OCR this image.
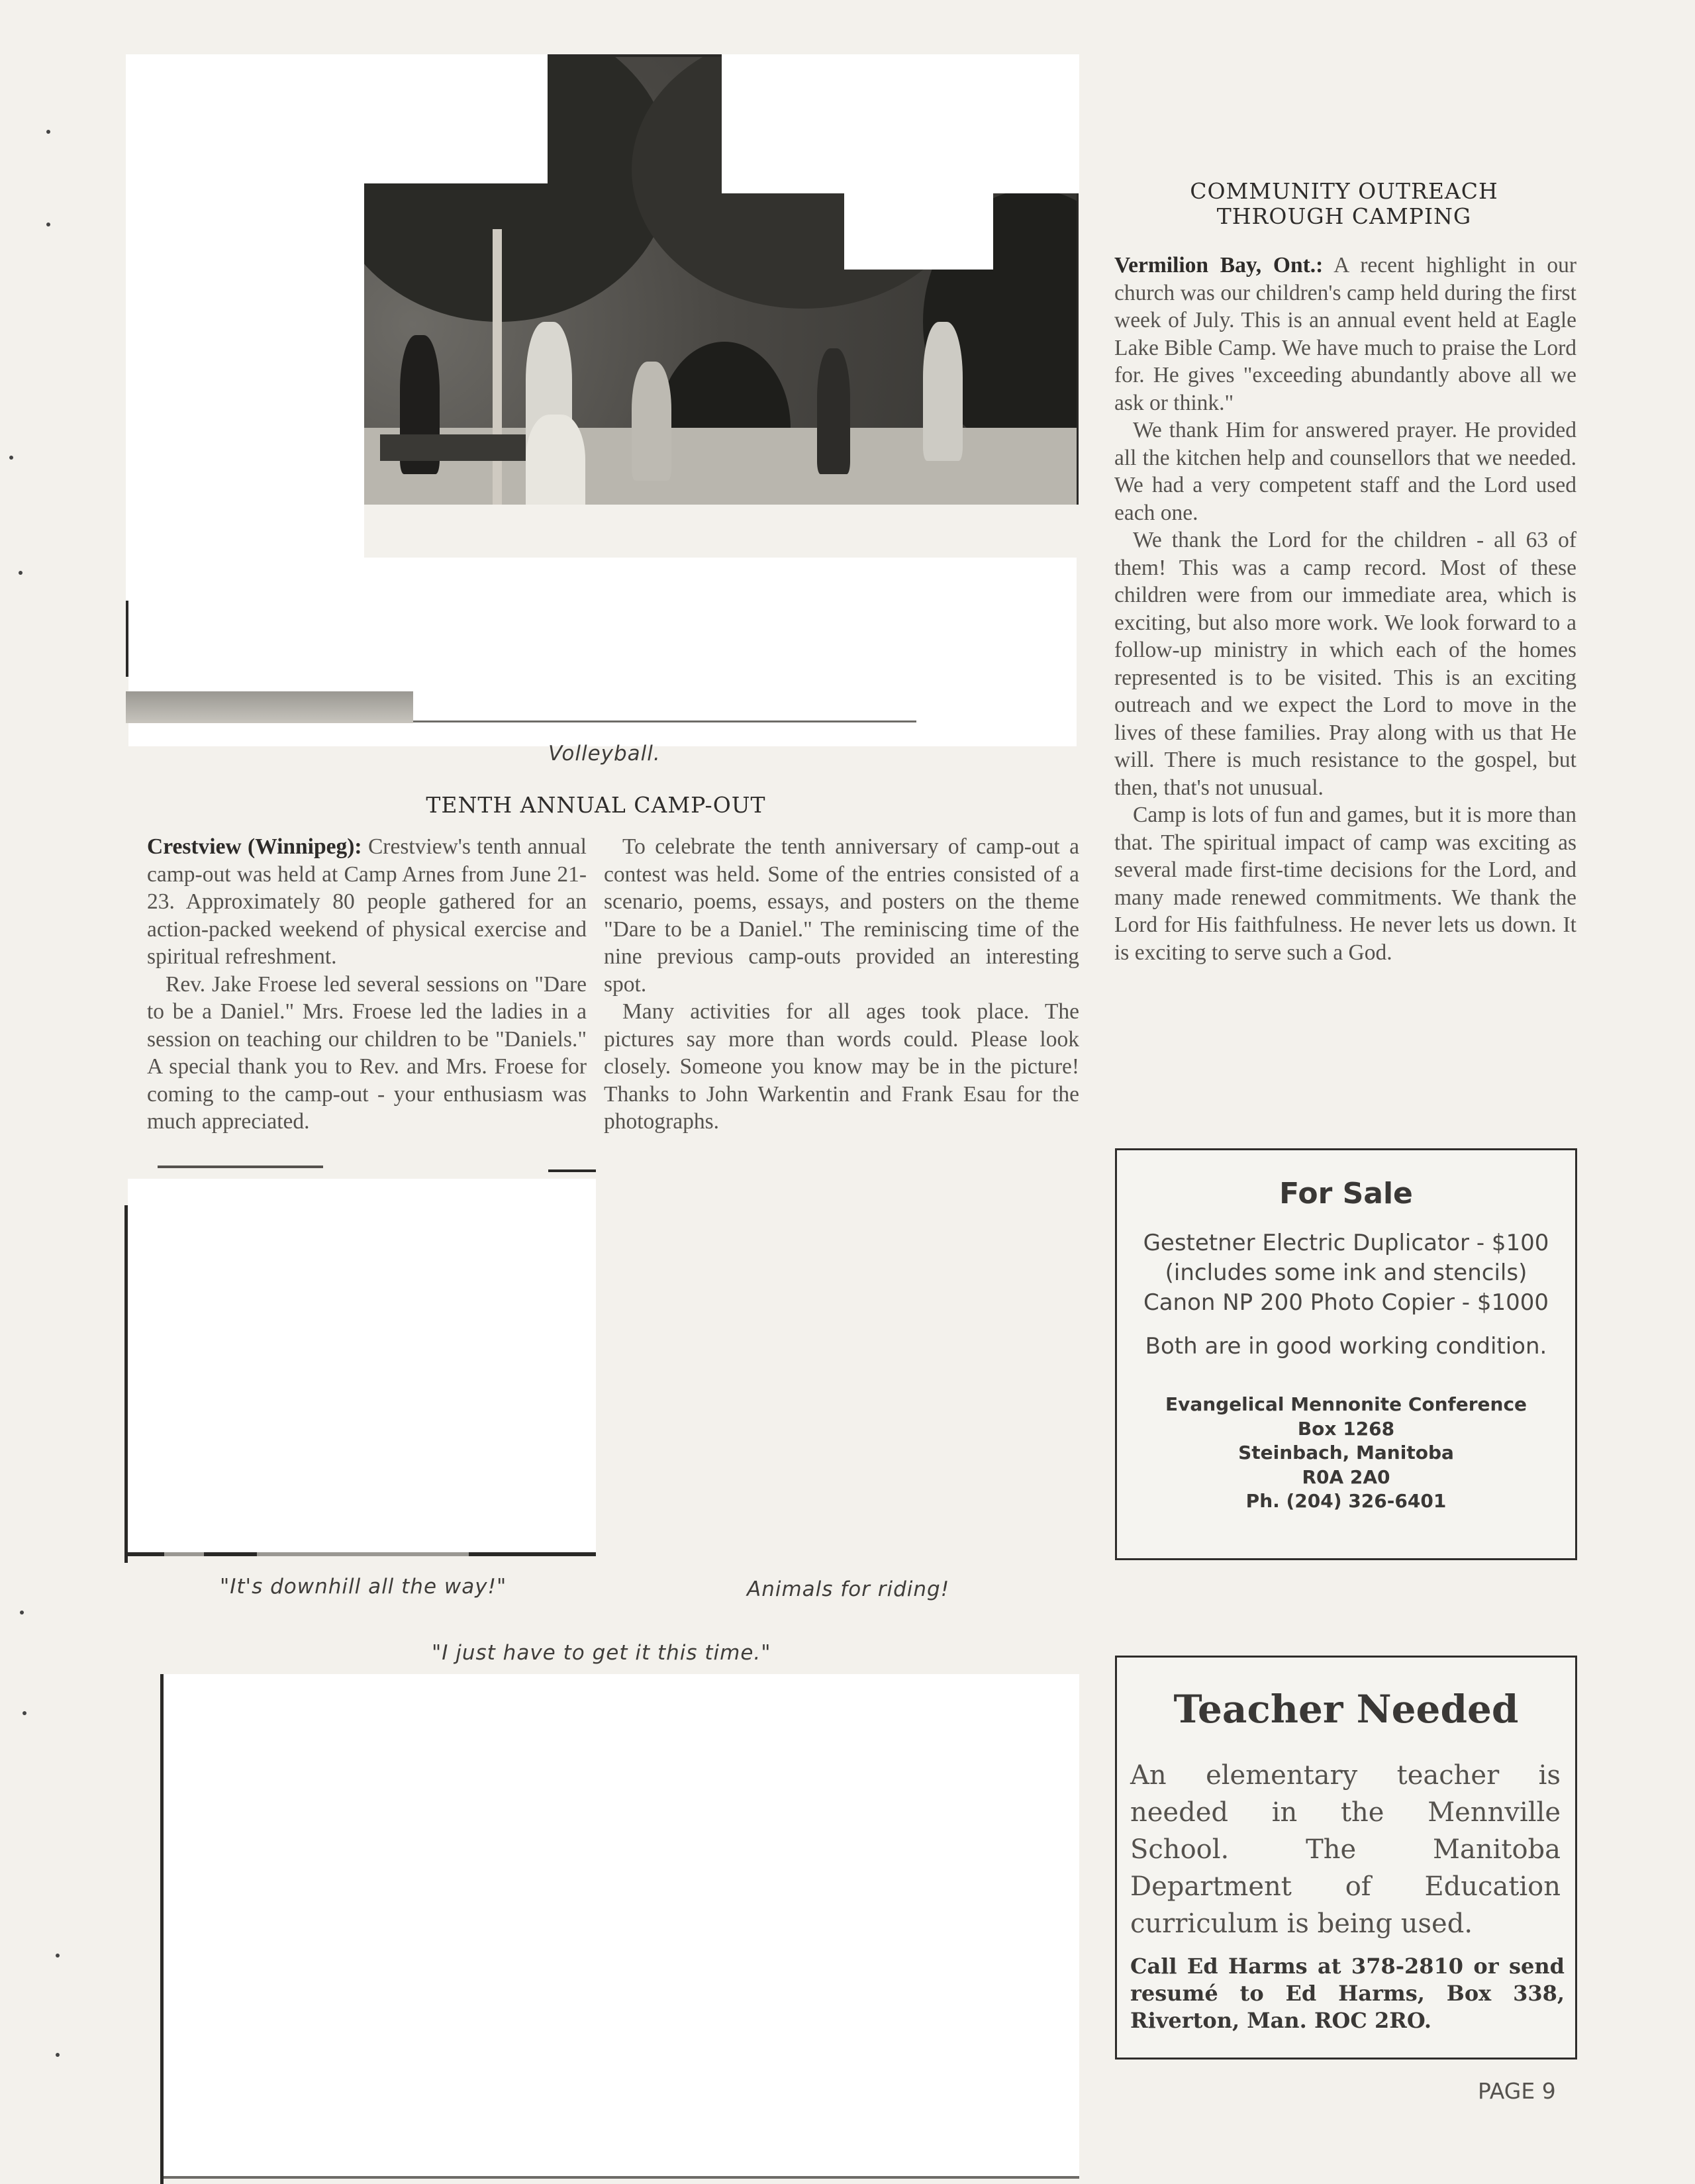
Volleyball.
TENTH ANNUAL CAMP-OUT

Crestview (Winnipeg): Crestview's tenth annual camp-out was held at Camp Arnes from June 21-23. Approximately 80 people gathered for an action-packed weekend of physical exercise and spiritual refreshment.

Rev. Jake Froese led several sessions on "Dare to be a Daniel." Mrs. Froese led the ladies in a session on teaching our children to be "Daniels." A special thank you to Rev. and Mrs. Froese for coming to the camp-out - your enthusiasm was much appreciated.

To celebrate the tenth anniversary of camp-out a contest was held. Some of the entries consisted of a scenario, poems, essays, and posters on the theme "Dare to be a Daniel." The reminiscing time of the nine previous camp-outs provided an interesting spot.

Many activities for all ages took place. The pictures say more than words could. Please look closely. Someone you know may be in the picture! Thanks to John Warkentin and Frank Esau for the photographs.

COMMUNITY OUTREACH
THROUGH CAMPING

Vermilion Bay, Ont.: A recent highlight in our church was our children's camp held during the first week of July. This is an annual event held at Eagle Lake Bible Camp. We have much to praise the Lord for. He gives "exceeding abundantly above all we ask or think."

We thank Him for answered prayer. He provided all the kitchen help and counsellors that we needed. We had a very competent staff and the Lord used each one.

We thank the Lord for the children - all 63 of them! This was a camp record. Most of these children were from our immediate area, which is exciting, but also more work. We look forward to a follow-up ministry in which each of the homes represented is to be visited. This is an exciting outreach and we expect the Lord to move in the lives of these families. Pray along with us that He will. There is much resistance to the gospel, but then, that's not unusual.

Camp is lots of fun and games, but it is more than that. The spiritual impact of camp was exciting as several made first-time decisions for the Lord, and many made renewed commitments. We thank the Lord for His faithfulness. He never lets us down. It is exciting to serve such a God.

"It's downhill all the way!"	Animals for riding!
"I just have to get it this time."
For Sale
Gestetner Electric Duplicator - $100
(includes some ink and stencils)
Canon NP 200 Photo Copier - $1000
Both are in good working condition.
Evangelical Mennonite Conference
Box 1268
Steinbach, Manitoba
R0A 2A0
Ph. (204) 326-6401
Teacher Needed
An elementary teacher is needed in the Mennville School. The Manitoba Department of Education curriculum is being used.
Call Ed Harms at 378-2810 or send resumé to Ed Harms, Box 338, Riverton, Man. ROC 2RO.
PAGE 9
